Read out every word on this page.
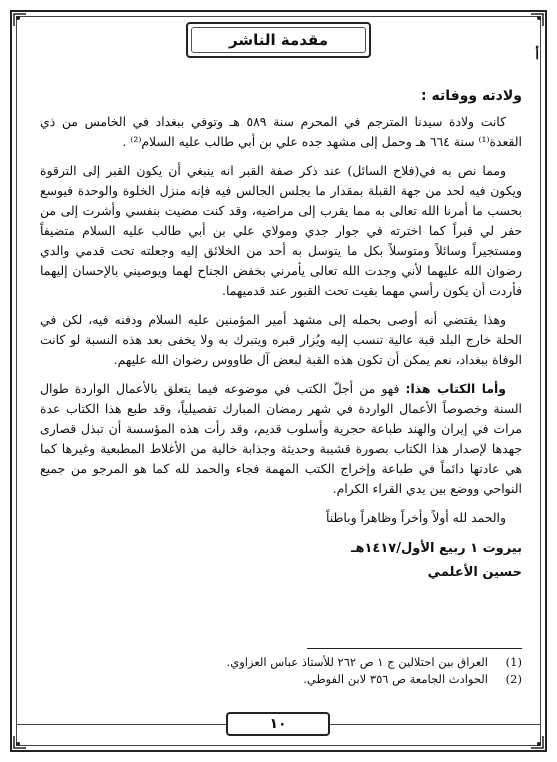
مقدمة الناشر
أ
ولادته ووفاته :

كانت ولادة سيدنا المترجم في المحرم سنة ٥٨٩ هـ وتوفي ببغداد في الخامس من ذي القعدة⁽¹⁾ سنة ٦٦٤ هـ وحمل إلى مشهد جده علي بن أبي طالب عليه السلام⁽²⁾ .

ومما نص به في(فلاح السائل) عند ذكر صفة القبر انه ينبغي أن يكون القبر إلى الترقوة ويكون فيه لحد من جهة القبلة بمقدار ما يجلس الجالس فيه فإنه منزل الخلوة والوحدة فيوسع بحسب ما أمرنا الله تعالى به مما يقرب إلى مراضيه، وقد كنت مضيت بنفسي وأشرت إلى من حفر لي قبراً كما اخترته في جوار جدي ومولاي علي بن أبي طالب عليه السلام متضيفاً ومستجيراً وسائلاً ومتوسلاً بكل ما يتوسل به أحد من الخلائق إليه وجعلته تحت قدمي والدي رضوان الله عليهما لأني وجدت الله تعالى يأمرني بخفض الجناح لهما ويوصيني بالإحسان إليهما فأردت أن يكون رأسي مهما بقيت تحت القبور عند قدميهما.

وهذا يقتضي أنه أوصى بحمله إلى مشهد أمير المؤمنين عليه السلام ودفنه فيه، لكن في الحلة خارج البلد قبة عالية تنسب إليه ويُزار قبره ويتبرك به ولا يخفى بعد هذه النسبة لو كانت الوفاة ببغداد، نعم يمكن أن تكون هذه القبة لبعض آل طاووس رضوان الله عليهم.

وأما الكتاب هذا: فهو من أجلّ الكتب في موضوعه فيما يتعلق بالأعمال الواردة طوال السنة وخصوصاً الأعمال الواردة في شهر رمضان المبارك تفصيلياً، وقد طبع هذا الكتاب عدة مرات في إيران والهند طباعة حجرية وأسلوب قديم، وقد رأت هذه المؤسسة أن تبذل قصارى جهدها لإصدار هذا الكتاب بصورة قشيبة وحديثة وجذابة خالية من الأغلاط المطبعية وغيرها كما هي عادتها دائماً في طباعة وإخراج الكتب المهمة فجاء والحمد لله كما هو المرجو من جميع النواحي ووضع بين يدي القراء الكرام.

والحمد لله أولاً وأخراً وظاهراً وباطناً

بيروت ١ ربيع الأول/١٤١٧هـ
حسين الأعلمي
(1)
العراق بين احتلالين ج ١ ص ٢٦٢ للأستاذ عباس العزاوي.
(2)
الحوادث الجامعة ص ٣٥٦ لابن الفوطي.
١٠
